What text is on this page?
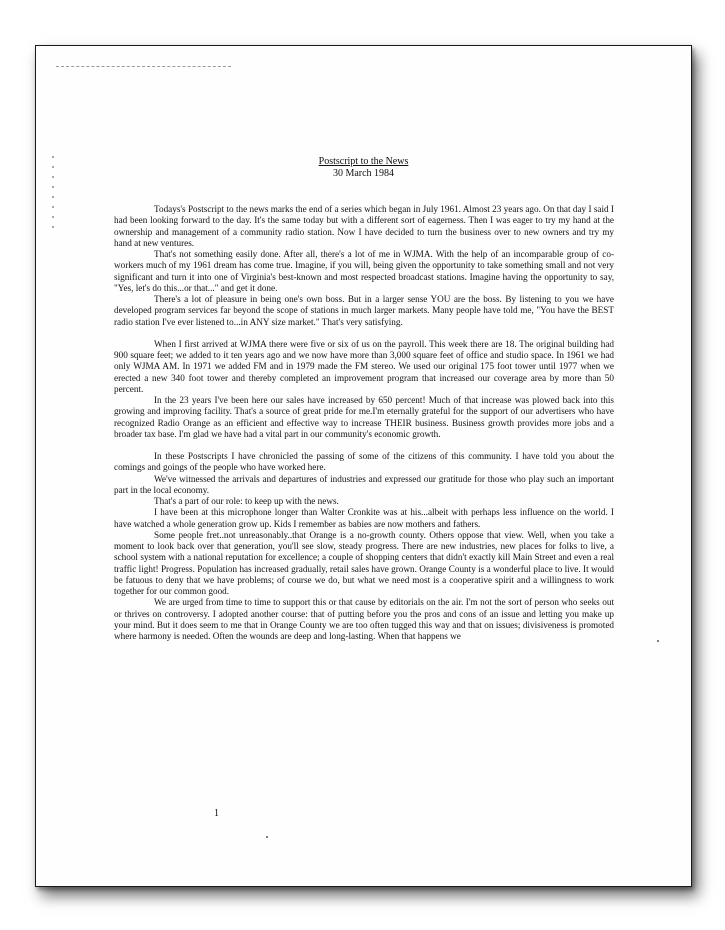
Postscript to the News
30 March 1984

Todays's Postscript to the news marks the end of a series which began in July 1961. Almost 23 years ago. On that day I said I had been looking forward to the day. It's the same today but with a different sort of eagerness. Then I was eager to try my hand at the ownership and management of a community radio station. Now I have decided to turn the business over to new owners and try my hand at new ventures.

That's not something easily done. After all, there's a lot of me in WJMA. With the help of an incomparable group of co-workers much of my 1961 dream has come true. Imagine, if you will, being given the opportunity to take something small and not very significant and turn it into one of Virginia's best-known and most respected broadcast stations. Imagine having the opportunity to say, "Yes, let's do this...or that..." and get it done.

There's a lot of pleasure in being one's own boss. But in a larger sense YOU are the boss. By listening to you we have developed program services far beyond the scope of stations in much larger markets. Many people have told me, "You have the BEST radio station I've ever listened to...in ANY size market." That's very satisfying.

When I first arrived at WJMA there were five or six of us on the payroll. This week there are 18. The original building had 900 square feet; we added to it ten years ago and we now have more than 3,000 square feet of office and studio space. In 1961 we had only WJMA AM. In 1971 we added FM and in 1979 made the FM stereo. We used our original 175 foot tower until 1977 when we erected a new 340 foot tower and thereby completed an improvement program that increased our coverage area by more than 50 percent.

In the 23 years I've been here our sales have increased by 650 percent! Much of that increase was plowed back into this growing and improving facility. That's a source of great pride for me.I'm eternally grateful for the support of our advertisers who have recognized Radio Orange as an efficient and effective way to increase THEIR business. Business growth provides more jobs and a broader tax base. I'm glad we have had a vital part in our community's economic growth.

In these Postscripts I have chronicled the passing of some of the citizens of this community. I have told you about the comings and goings of the people who have worked here.

We've witnessed the arrivals and departures of industries and expressed our gratitude for those who play such an important part in the local economy.

That's a part of our role: to keep up with the news.

I have been at this microphone longer than Walter Cronkite was at his...albeit with perhaps less influence on the world. I have watched a whole generation grow up. Kids I remember as babies are now mothers and fathers.

Some people fret..not unreasonably..that Orange is a no-growth county. Others oppose that view. Well, when you take a moment to look back over that generation, you'll see slow, steady progress. There are new industries, new places for folks to live, a school system with a national reputation for excellence; a couple of shopping centers that didn't exactly kill Main Street and even a real traffic light! Progress. Population has increased gradually, retail sales have grown. Orange County is a wonderful place to live. It would be fatuous to deny that we have problems; of course we do, but what we need most is a cooperative spirit and a willingness to work together for our common good.

We are urged from time to time to support this or that cause by editorials on the air. I'm not the sort of person who seeks out or thrives on controversy. I adopted another course: that of putting before you the pros and cons of an issue and letting you make up your mind. But it does seem to me that in Orange County we are too often tugged this way and that on issues; divisiveness is promoted where harmony is needed. Often the wounds are deep and long-lasting. When that happens we

1
